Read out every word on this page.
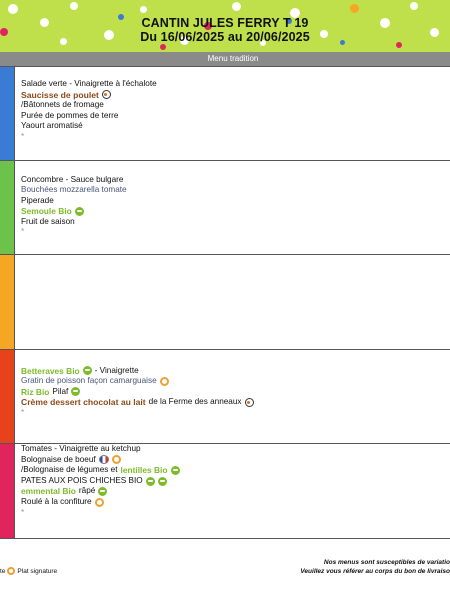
CANTIN JULES FERRY T 19
Du 16/06/2025 au 20/06/2025
Menu tradition
Salade verte - Vinaigrette à l'échalote
Saucisse de poulet
/Bâtonnets de fromage
Purée de pommes de terre
Yaourt aromatisé
*
Concombre - Sauce bulgare
Bouchées mozzarella tomate
Piperade
Semoule Bio
Fruit de saison
*
Betteraves Bio - Vinaigrette
Gratin de poisson façon camarguaise
Riz Bio Pilaf
Crème dessert chocolat au lait de la Ferme des anneaux
*
Tomates - Vinaigrette au ketchup
Bolognaise de boeuf
/Bolognaise de légumes et lentilles Bio
PATES AUX POIS CHICHES BIO
emmental Bio râpé
Roulé à la confiture
*
te Plat signature
Nos menus sont susceptibles de variatio
Veuillez vous référer au corps du bon de livraiso
